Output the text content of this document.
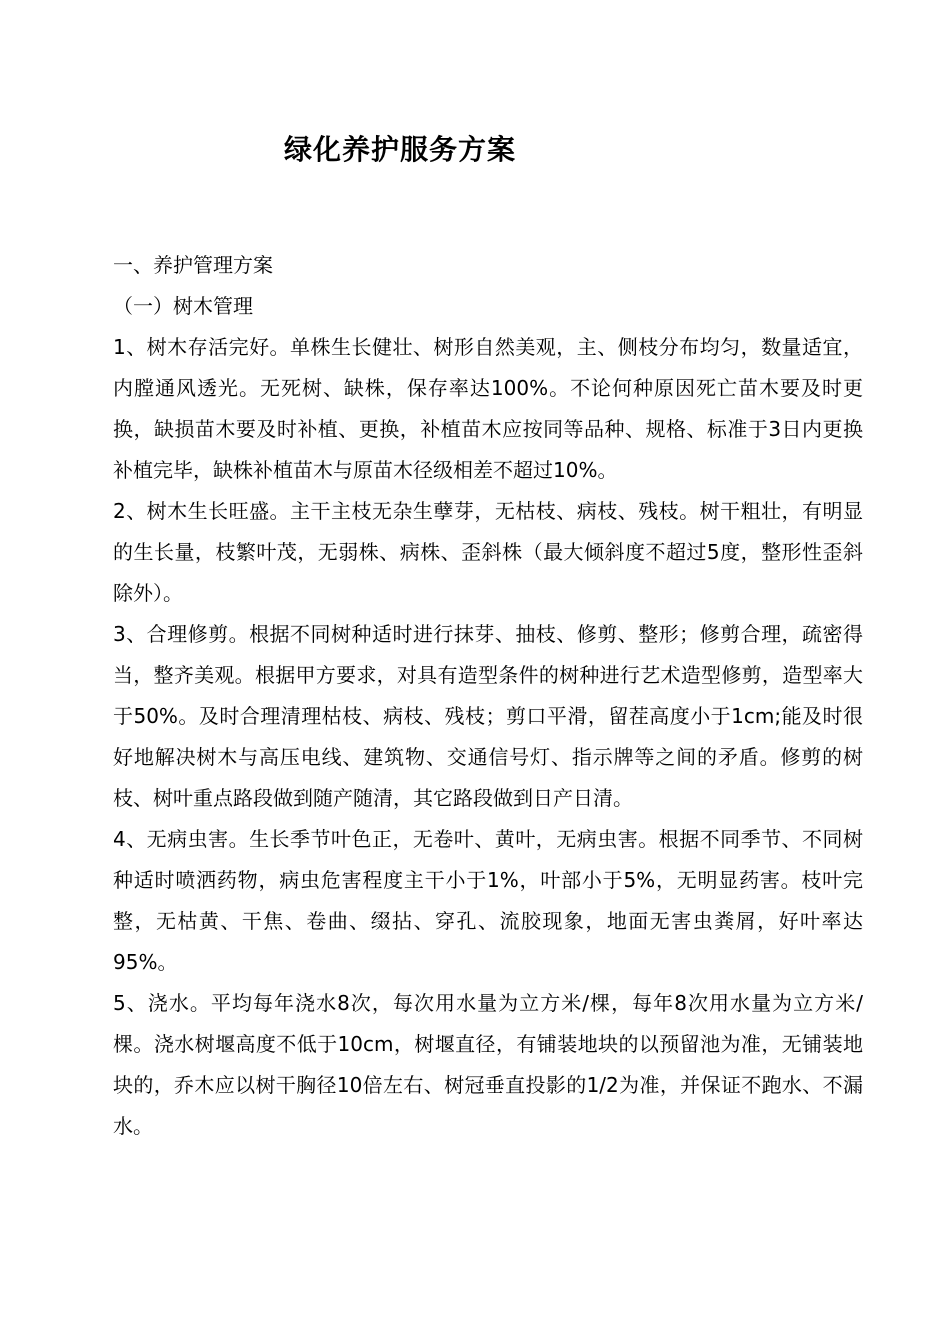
绿化养护服务方案

一、养护管理方案

（一）树木管理

1、树木存活完好。单株生长健壮、树形自然美观，主、侧枝分布均匀，数量适宜，内膛通风透光。无死树、缺株，保存率达100%。不论何种原因死亡苗木要及时更换，缺损苗木要及时补植、更换，补植苗木应按同等品种、规格、标准于3日内更换补植完毕，缺株补植苗木与原苗木径级相差不超过10%。

2、树木生长旺盛。主干主枝无杂生孽芽，无枯枝、病枝、残枝。树干粗壮，有明显的生长量，枝繁叶茂，无弱株、病株、歪斜株（最大倾斜度不超过5度，整形性歪斜除外）。

3、合理修剪。根据不同树种适时进行抹芽、抽枝、修剪、整形；修剪合理，疏密得当，整齐美观。根据甲方要求，对具有造型条件的树种进行艺术造型修剪，造型率大于50%。及时合理清理枯枝、病枝、残枝；剪口平滑，留茬高度小于1cm;能及时很好地解决树木与高压电线、建筑物、交通信号灯、指示牌等之间的矛盾。修剪的树枝、树叶重点路段做到随产随清，其它路段做到日产日清。

4、无病虫害。生长季节叶色正，无卷叶、黄叶，无病虫害。根据不同季节、不同树种适时喷洒药物，病虫危害程度主干小于1%，叶部小于5%，无明显药害。枝叶完整，无枯黄、干焦、卷曲、缀拈、穿孔、流胶现象，地面无害虫粪屑，好叶率达95%。

5、浇水。平均每年浇水8次，每次用水量为立方米/棵，每年8次用水量为立方米/棵。浇水树堰高度不低于10cm，树堰直径，有铺装地块的以预留池为准，无铺装地块的，乔木应以树干胸径10倍左右、树冠垂直投影的1/2为准，并保证不跑水、不漏水。
